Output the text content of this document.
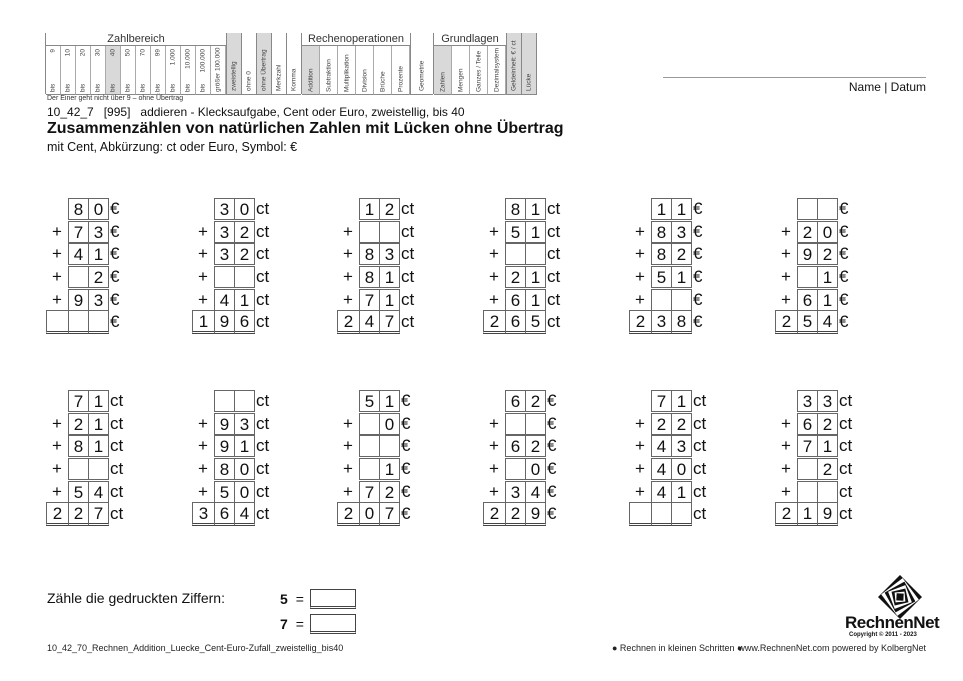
Zahlbereich
bis
9
bis
10
bis
20
bis
30
bis
40
bis
50
bis
70
bis
99
bis
1.000
bis
10.000
bis
100.000 größer 100.000 zweistellig ohne 0 ohne Übertrag Merkzahl Komma
Rechenoperationen
Addition Subtraktion Multiplikation Division Brüche Prozente Geometrie
Grundlagen
Zahlen Mengen Ganzes / Teile Dezimalsystem Geldeinheit: € / ct Lücke
Der Einer geht nicht über 9 – ohne Übertrag
10_42_7   [995]   addieren - Klecksaufgabe, Cent oder Euro, zweistellig, bis 40
Zusammenzählen von natürlichen Zahlen mit Lücken ohne Übertrag
mit Cent, Abkürzung: ct oder Euro, Symbol: €
Name | Datum
8 0 €
+ 7 3 €
+ 4 1 €
+	2 €
+ 9 3 €
€
3 0 ct
+ 3 2 ct
+ 3 2 ct
+	ct
+ 4 1 ct
1 9 6 ct
1 2 ct
+	ct
+ 8 3 ct
+ 8 1 ct
+ 7 1 ct
2 4 7 ct
8 1 ct
+ 5 1 ct
+	ct
+ 2 1 ct
+ 6 1 ct
2 6 5 ct
1 1 €
+ 8 3 €
+ 8 2 €
+ 5 1 €
+	€
2 3 8 €
€
+ 2 0 €
+ 9 2 €
+	1 €
+ 6 1 €
2 5 4 €
7 1 ct
+ 2 1 ct
+ 8 1 ct
+	ct
+ 5 4 ct
2 2 7 ct
ct
+ 9 3 ct
+ 9 1 ct
+ 8 0 ct
+ 5 0 ct
3 6 4 ct
5 1 €
+	0 €
+	€
+	1 €
+ 7 2 €
2 0 7 €
6 2 €
+	€
+ 6 2 €
+	0 €
+ 3 4 €
2 2 9 €
7 1 ct
+ 2 2 ct
+ 4 3 ct
+ 4 0 ct
+ 4 1 ct
ct
3 3 ct
+ 6 2 ct
+ 7 1 ct
+	2 ct
+	ct
2 1 9 ct
Zähle die gedruckten Ziffern:	5 =
7 =
10_42_70_Rechnen_Addition_Luecke_Cent-Euro-Zufall_zweistellig_bis40	● Rechnen in kleinen Schritten ●
www.RechnenNet.com powered by KolbergNet
RechnenNet
Copyright © 2011 - 2023
